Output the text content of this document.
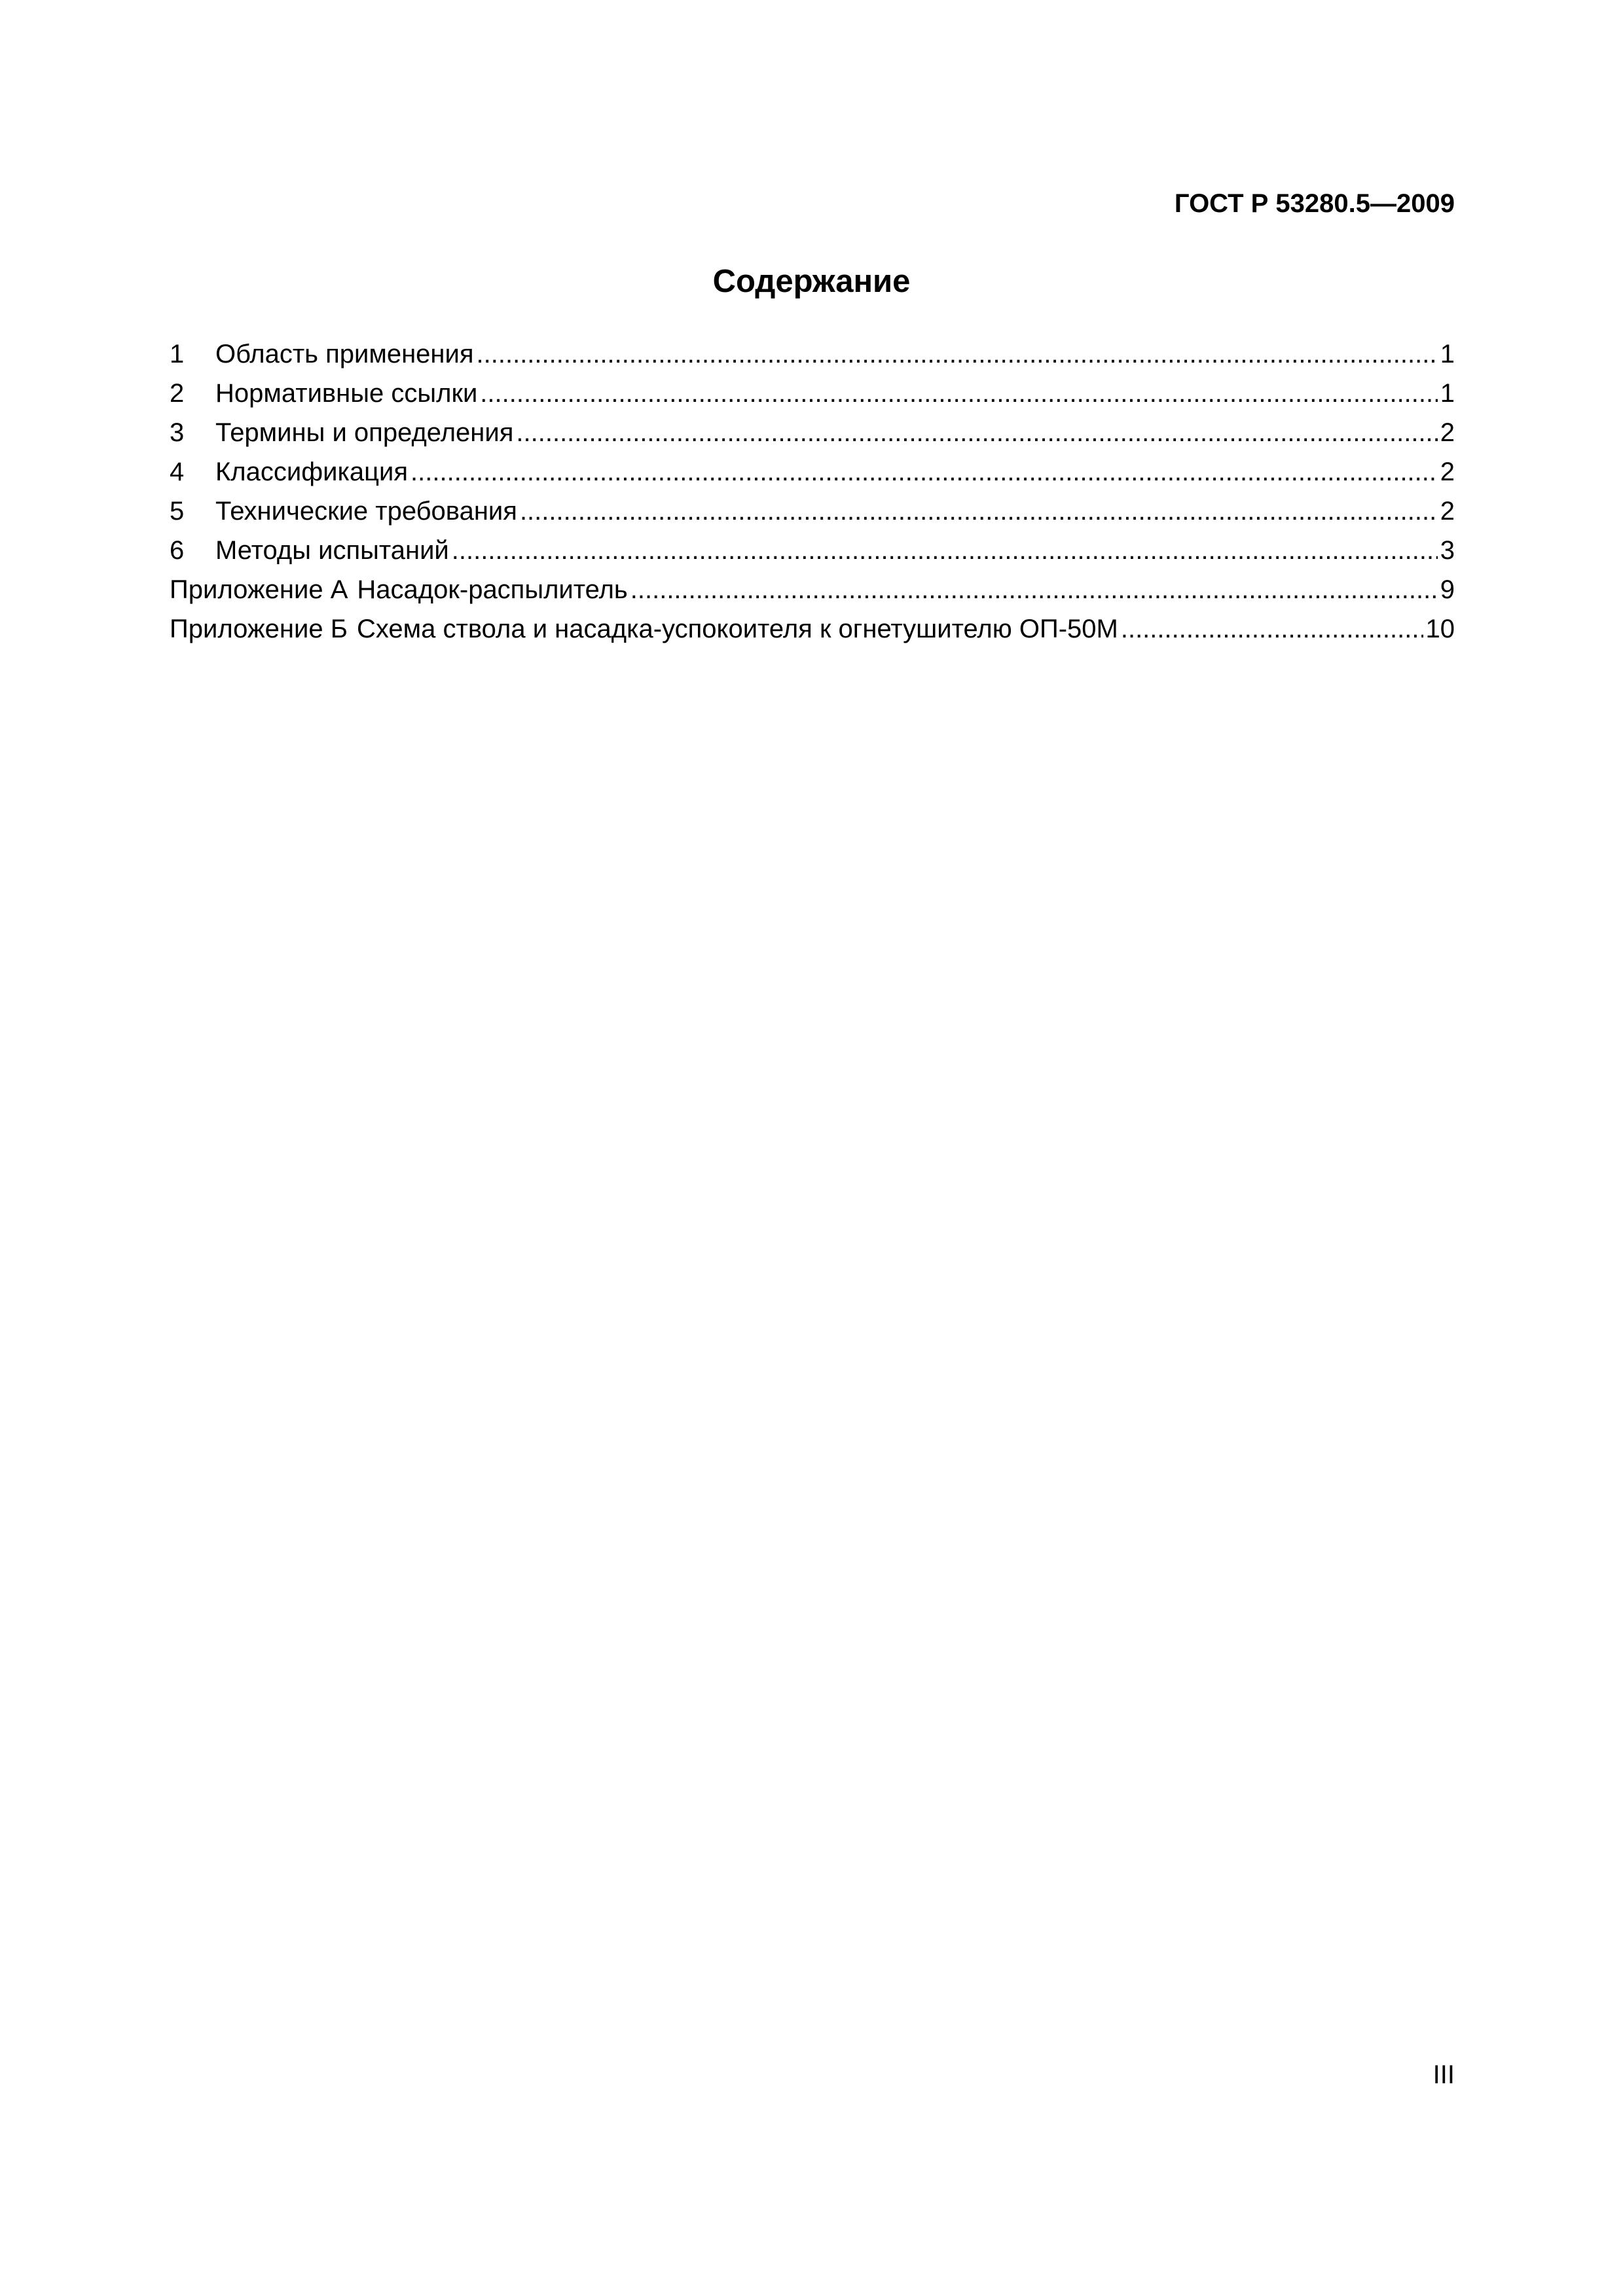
ГОСТ Р 53280.5—2009
Содержание
1	Область применения .....	1
2	Нормативные ссылки .....	1
3	Термины и определения .....	2
4	Классификация .....	2
5	Технические требования .....	2
6	Методы испытаний .....	3
Приложение А Насадок-распылитель .....	9
Приложение Б Схема ствола и насадка-успокоителя к огнетушителю ОП-50М .....	10
III
